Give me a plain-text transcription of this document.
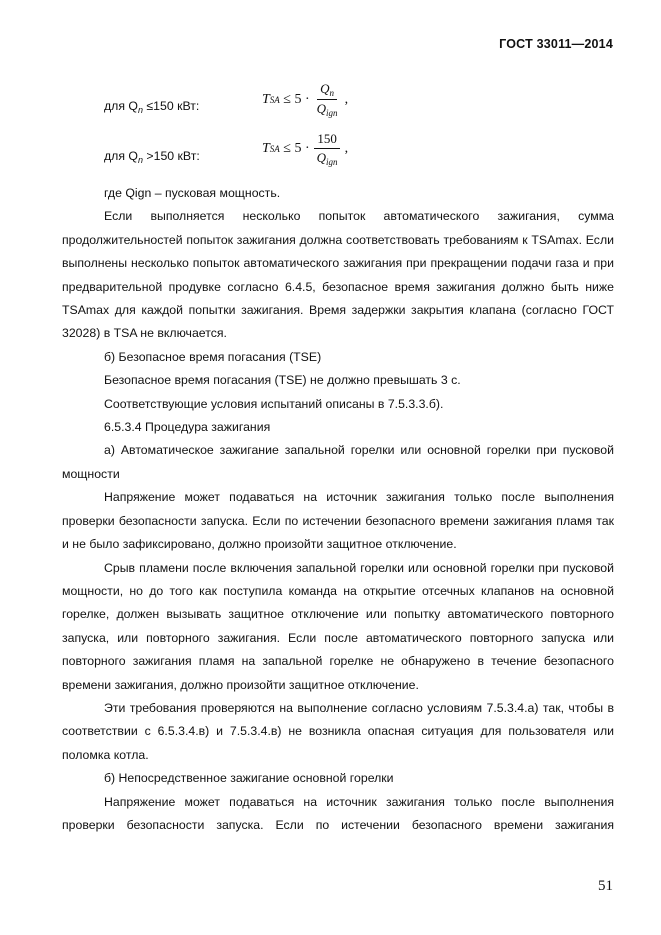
ГОСТ 33011—2014
для $Q_n \le 150$ кВт:	T SA
≤ $5 \cdot \frac{Q_n}{Q_{ign}}$ ,
для $Q_n >150$ кВт:	T SA
≤ $5 \cdot \frac{150}{Q_{ign}}$ ,

где Qign – пусковая мощность.

Если выполняется несколько попыток автоматического зажигания, сумма продолжительностей попыток зажигания должна соответствовать требованиям к TSAmax. Если выполнены несколько попыток автоматического зажигания при прекращении подачи газа и при предварительной продувке согласно 6.4.5, безопасное время зажигания должно быть ниже TSAmax для каждой попытки зажигания. Время задержки закрытия клапана (согласно ГОСТ 32028) в TSA не включается.

б) Безопасное время погасания (TSE)

Безопасное время погасания (TSE) не должно превышать 3 с.

Соответствующие условия испытаний описаны в 7.5.3.3.б).

6.5.3.4 Процедура зажигания

а) Автоматическое зажигание запальной горелки или основной горелки при пусковой мощности

Напряжение может подаваться на источник зажигания только после выполнения проверки безопасности запуска. Если по истечении безопасного времени зажигания пламя так и не было зафиксировано, должно произойти защитное отключение.

Срыв пламени после включения запальной горелки или основной горелки при пусковой мощности, но до того как поступила команда на открытие отсечных клапанов на основной горелке, должен вызывать защитное отключение или попытку автоматического повторного запуска, или повторного зажигания. Если после автоматического повторного запуска или повторного зажигания пламя на запальной горелке не обнаружено в течение безопасного времени зажигания, должно произойти защитное отключение.

Эти требования проверяются на выполнение согласно условиям 7.5.3.4.а) так, чтобы в соответствии с 6.5.3.4.в) и 7.5.3.4.в) не возникла опасная ситуация для пользователя или поломка котла.

б) Непосредственное зажигание основной горелки

Напряжение может подаваться на источник зажигания только после выполнения проверки безопасности запуска. Если по истечении безопасного времени зажигания

51
